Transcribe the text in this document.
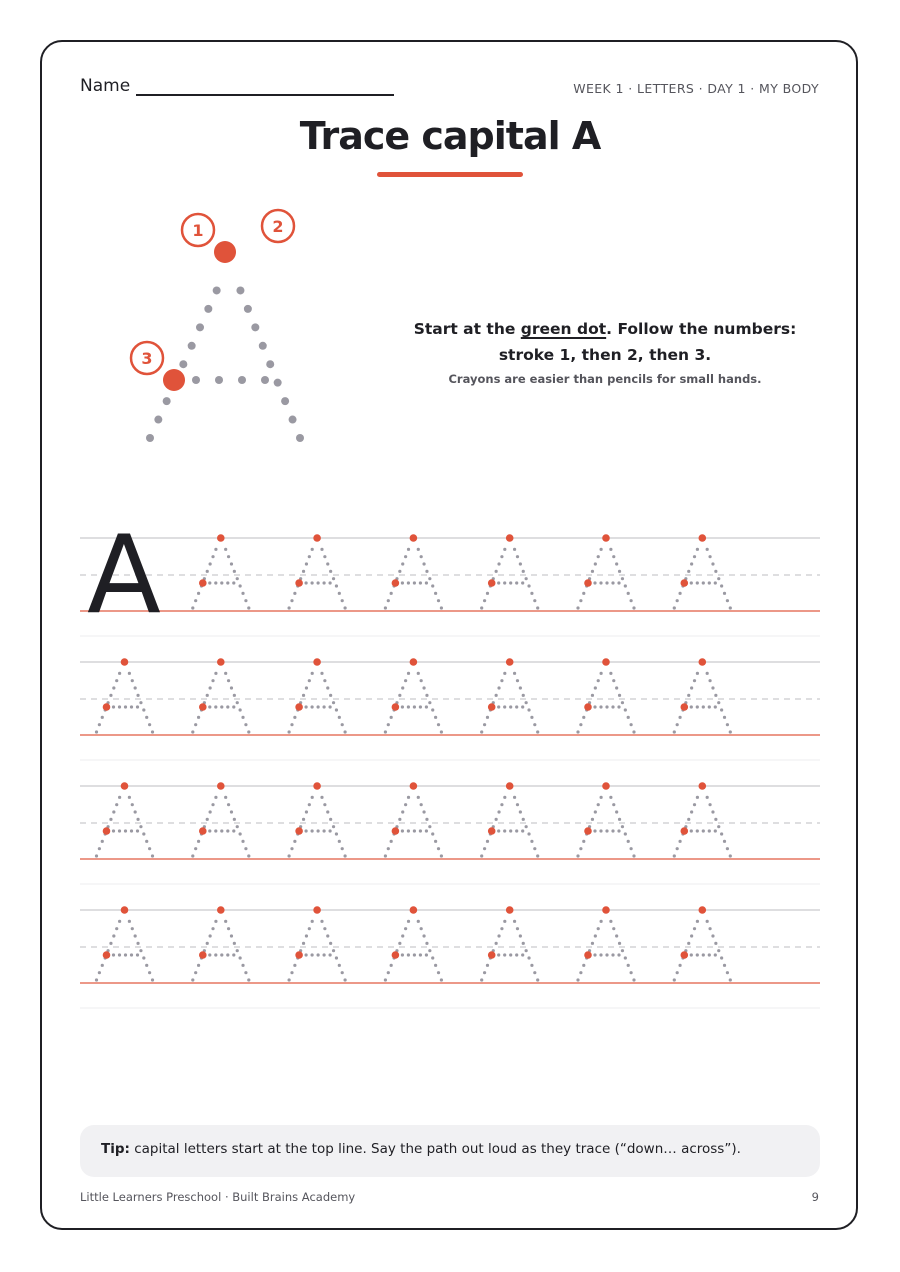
Name	WEEK 1 · LETTERS · DAY 1 · MY BODY
Trace capital A
1	2
3
Start at the green dot. Follow the numbers: stroke 1, then 2, then 3.
Crayons are easier than pencils for small hands.
A
Tip: capital letters start at the top line. Say the path out loud as they trace (“down… across”).
Little Learners Preschool · Built Brains Academy	9
